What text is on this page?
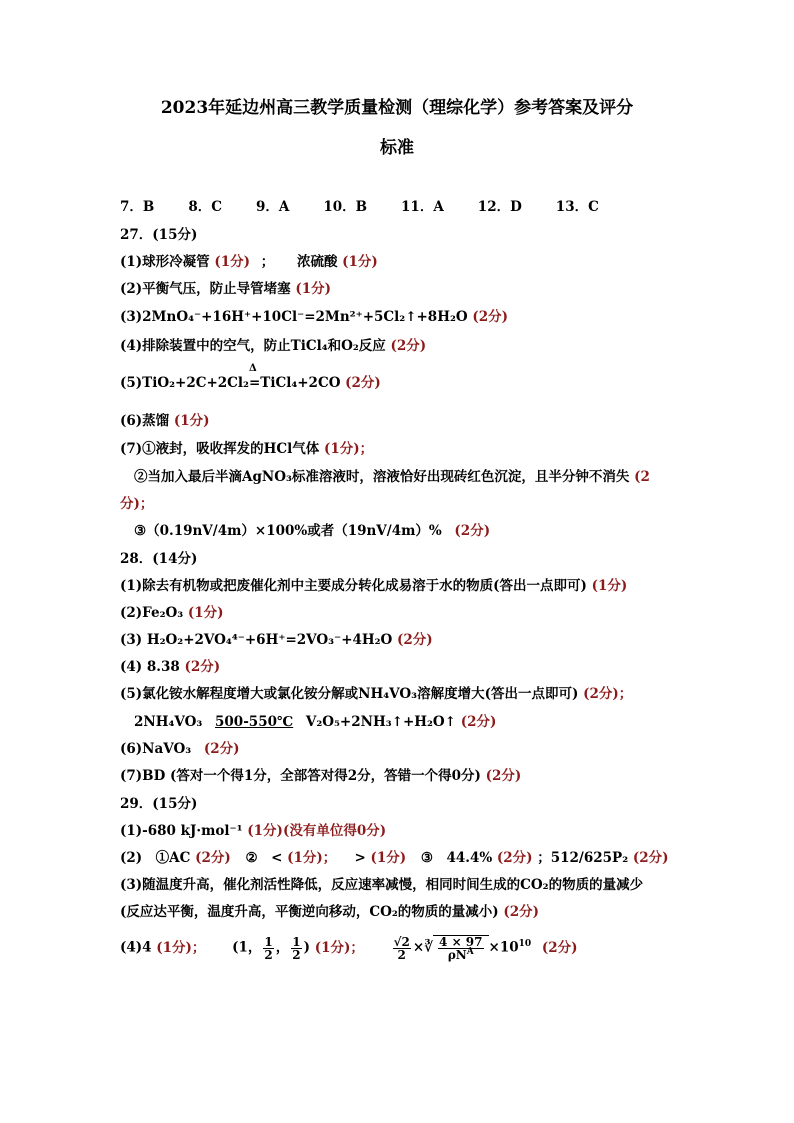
2023年延边州高三教学质量检测（理综化学）参考答案及评分
标准
7．B	8．C	9．A	10．B	11．A	12．D	13．C
27．(15分)
(1)球形冷凝管 (1分) ； 浓硫酸 (1分)
(2)平衡气压，防止导管堵塞 (1分)
(3)2MnO₄⁻+16H⁺+10Cl⁻=2Mn²⁺+5Cl₂↑+8H₂O (2分)
(4)排除装置中的空气，防止TiCl₄和O₂反应 (2分)
(5)TiO₂+2C+2Cl₂Δ =TiCl₄+2CO (2分)
(6)蒸馏 (1分)
(7)①液封，吸收挥发的HCl气体 (1分)；
②当加入最后半滴AgNO₃标准溶液时，溶液恰好出现砖红色沉淀，且半分钟不消失 (2
分)；
③（0.19nV/4m）×100%或者（19nV/4m）% (2分)
28．(14分)
(1)除去有机物或把废催化剂中主要成分转化成易溶于水的物质(答出一点即可) (1分)
(2)Fe₂O₃ (1分)
(3) H₂O₂+2VO₄⁴⁻+6H⁺=2VO₃⁻+4H₂O (2分)
(4) 8.38 (2分)
(5)氯化铵水解程度增大或氯化铵分解或NH₄VO₃溶解度增大(答出一点即可) (2分)；
2NH₄VO₃ 500-550℃ V₂O₅+2NH₃↑+H₂O↑ (2分)
(6)NaVO₃ (2分)
(7)BD (答对一个得1分，全部答对得2分，答错一个得0分) (2分)
29．(15分)
(1)-680 kJ·mol⁻¹ (1分)(没有单位得0分)
(2)　①AC (2分) ②　< (1分)； 　> (1分) ③　44.4% (2分) ；512/625P₂ (2分)
(3)随温度升高，催化剂活性降低，反应速率减慢，相同时间生成的CO₂的物质的量减少
(反应达平衡，温度升高，平衡逆向移动，CO₂的物质的量减小) (2分)
(4)4 (1分)； (1， $\frac{1}{2}$ ， $\frac{1}{2}$ ) (1分)； $\frac{√2}{2}$ ×∛ $\frac{4 \times 97}{\rho N^A} \times 10^{10}$ (2分)
